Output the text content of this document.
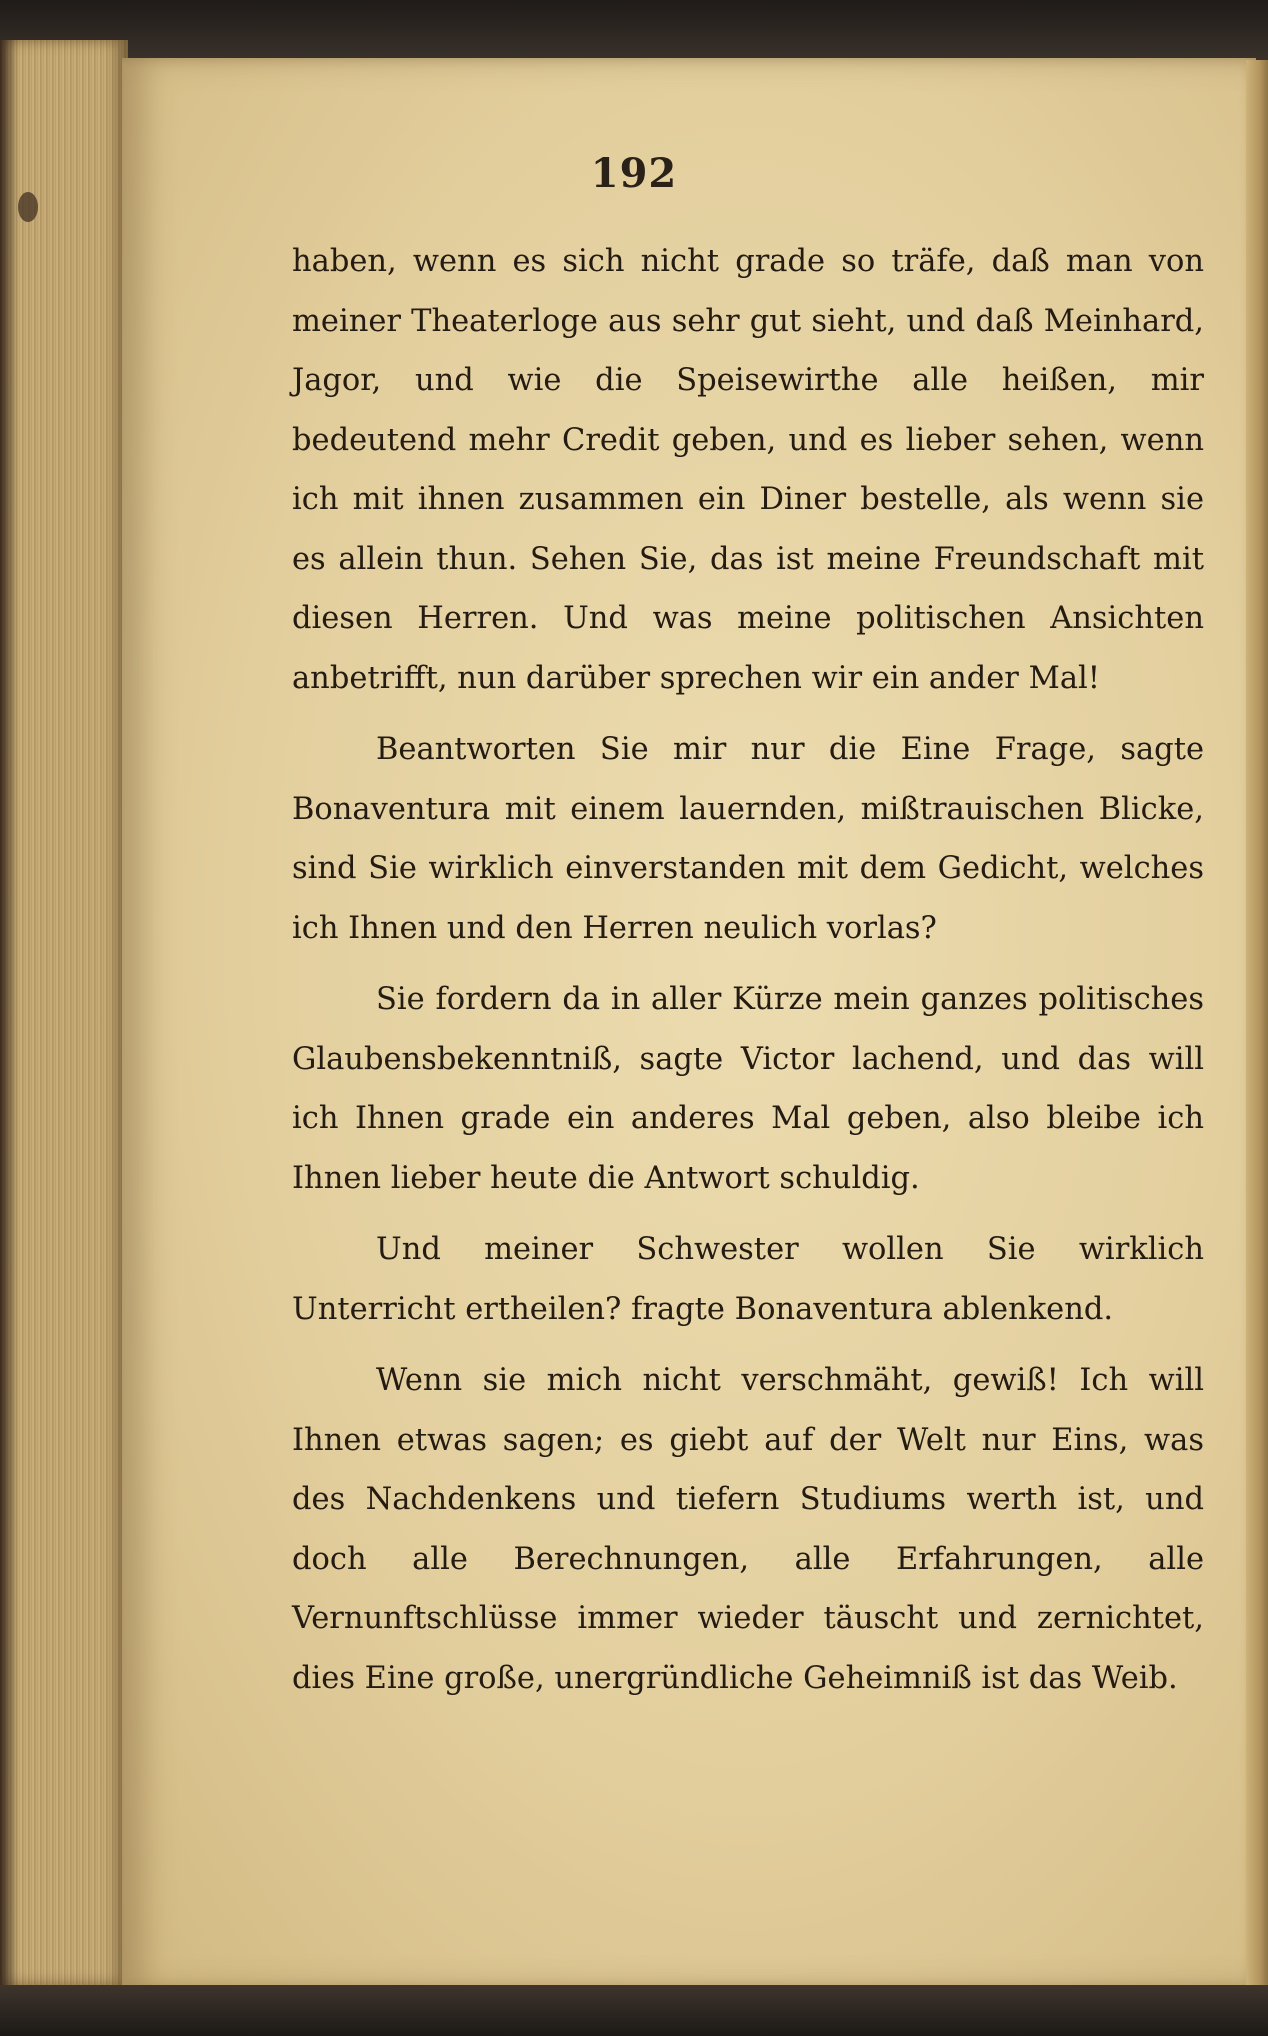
192

haben, wenn es sich nicht grade so träfe, daß man von meiner Theaterloge aus sehr gut sieht, und daß Meinhard, Jagor, und wie die Speisewirthe alle heißen, mir bedeutend mehr Credit geben, und es lieber sehen, wenn ich mit ihnen zusammen ein Diner bestelle, als wenn sie es allein thun. Sehen Sie, das ist meine Freundschaft mit diesen Herren. Und was meine politischen Ansichten anbetrifft, nun darüber sprechen wir ein ander Mal!

Beantworten Sie mir nur die Eine Frage, sagte Bonaventura mit einem lauernden, mißtrauischen Blicke, sind Sie wirklich einverstanden mit dem Gedicht, welches ich Ihnen und den Herren neulich vorlas?

Sie fordern da in aller Kürze mein ganzes politisches Glaubensbekenntniß, sagte Victor lachend, und das will ich Ihnen grade ein anderes Mal geben, also bleibe ich Ihnen lieber heute die Antwort schuldig.

Und meiner Schwester wollen Sie wirklich Unterricht ertheilen? fragte Bonaventura ablenkend.

Wenn sie mich nicht verschmäht, gewiß! Ich will Ihnen etwas sagen; es giebt auf der Welt nur Eins, was des Nachdenkens und tiefern Studiums werth ist, und doch alle Berechnungen, alle Erfahrungen, alle Vernunftschlüsse immer wieder täuscht und zernichtet, dies Eine große, unergründliche Geheimniß ist das Weib.
